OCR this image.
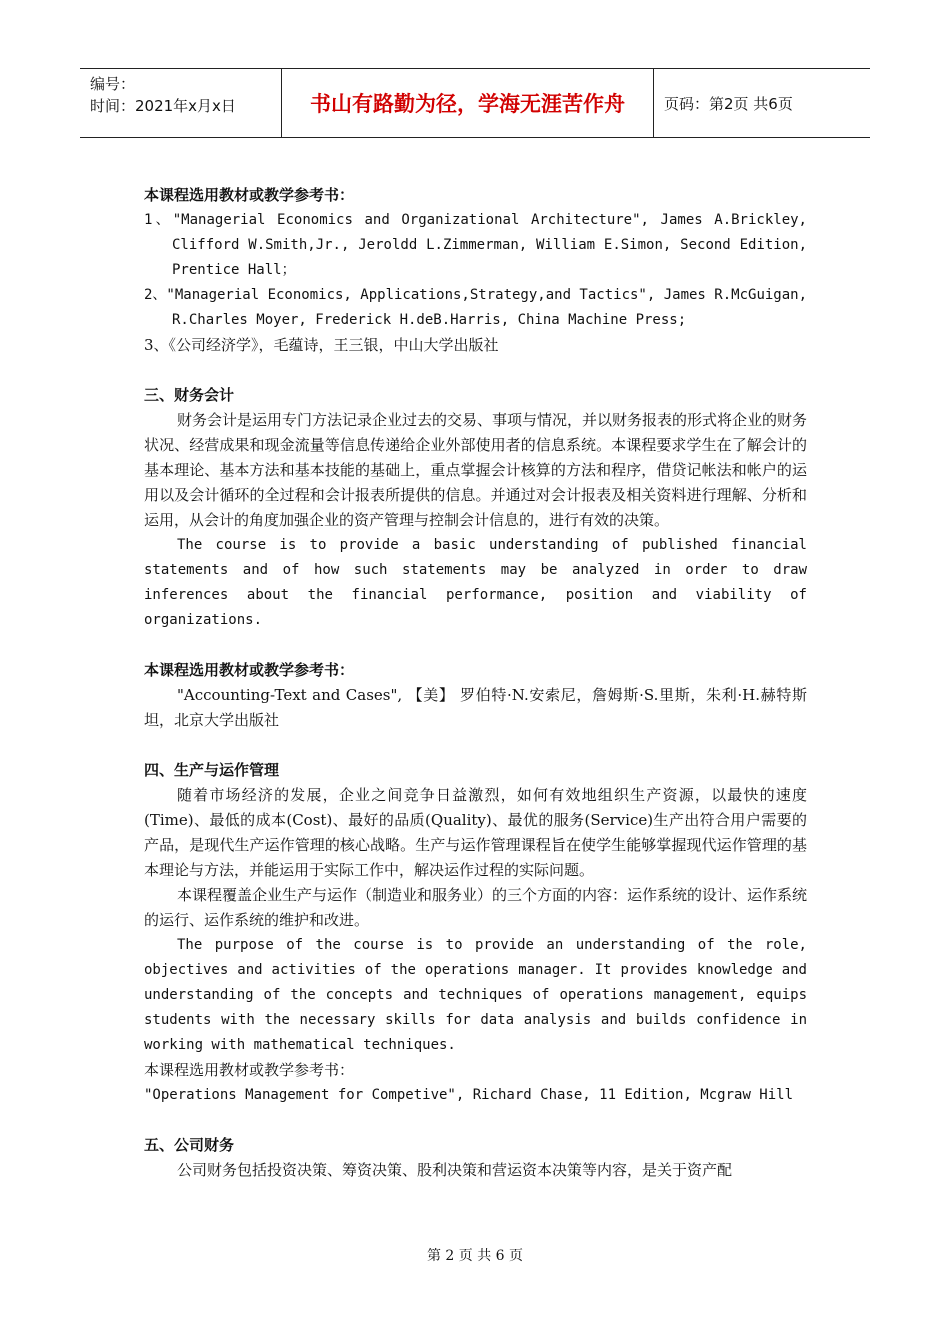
编号：
时间：2021年x月x日	书山有路勤为径，学海无涯苦作舟	页码：第2页 共6页

本课程选用教材或教学参考书：

1、"Managerial Economics and Organizational Architecture", James A.Brickley, Clifford W.Smith,Jr., Jeroldd L.Zimmerman, William E.Simon, Second Edition, Prentice Hall；

2、"Managerial Economics, Applications,Strategy,and Tactics", James R.McGuigan, R.Charles Moyer, Frederick H.deB.Harris, China Machine Press;

3、《公司经济学》，毛蕴诗，王三银，中山大学出版社

三、财务会计

财务会计是运用专门方法记录企业过去的交易、事项与情况，并以财务报表的形式将企业的财务状况、经营成果和现金流量等信息传递给企业外部使用者的信息系统。本课程要求学生在了解会计的基本理论、基本方法和基本技能的基础上，重点掌握会计核算的方法和程序，借贷记帐法和帐户的运用以及会计循环的全过程和会计报表所提供的信息。并通过对会计报表及相关资料进行理解、分析和运用，从会计的角度加强企业的资产管理与控制会计信息的，进行有效的决策。

The course is to provide a basic understanding of published financial statements and of how such statements may be analyzed in order to draw inferences about the financial performance, position and viability of organizations.

本课程选用教材或教学参考书：

"Accounting-Text and Cases", 【美】 罗伯特·N.安索尼，詹姆斯·S.里斯，朱利·H.赫特斯坦，北京大学出版社

四、生产与运作管理

随着市场经济的发展，企业之间竞争日益激烈，如何有效地组织生产资源，以最快的速度(Time)、最低的成本(Cost)、最好的品质(Quality)、最优的服务(Service)生产出符合用户需要的产品，是现代生产运作管理的核心战略。生产与运作管理课程旨在使学生能够掌握现代运作管理的基本理论与方法，并能运用于实际工作中，解决运作过程的实际问题。

本课程覆盖企业生产与运作（制造业和服务业）的三个方面的内容：运作系统的设计、运作系统的运行、运作系统的维护和改进。

The purpose of the course is to provide an understanding of the role, objectives and activities of the operations manager. It provides knowledge and understanding of the concepts and techniques of operations management, equips students with the necessary skills for data analysis and builds confidence in working with mathematical techniques.

本课程选用教材或教学参考书：

"Operations Management for Competive", Richard Chase, 11 Edition, Mcgraw Hill

五、公司财务

公司财务包括投资决策、筹资决策、股利决策和营运资本决策等内容，是关于资产配

第 2 页 共 6 页
